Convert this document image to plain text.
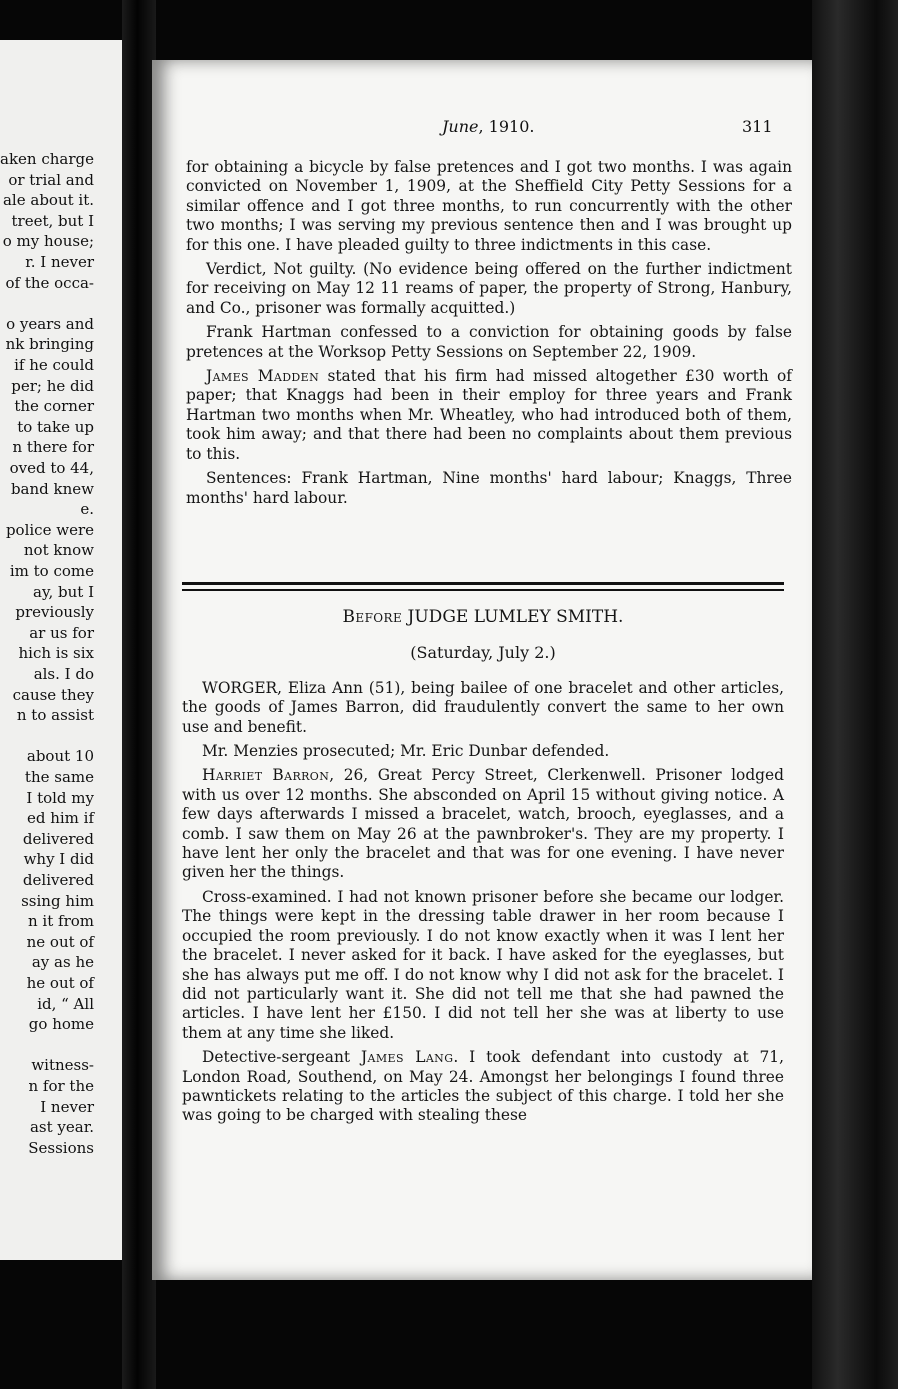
aken charge
or trial and
ale about it.
treet, but I
o my house;
r. I never
of the occa-
o years and
nk bringing
if he could
per; he did
the corner
to take up
n there for
oved to 44,
band knew
e.
police were
not know
im to come
ay, but I
previously
ar us for
hich is six
als. I do
cause they
n to assist
about 10
the same
I told my
ed him if
delivered
why I did
delivered
ssing him
n it from
ne out of
ay as he
he out of
id, “ All
go home
witness-
n for the
I never
ast year.
Sessions
June, 1910.	311

for obtaining a bicycle by false pretences and I got two months. I was again convicted on November 1, 1909, at the Sheffield City Petty Sessions for a similar offence and I got three months, to run concurrently with the other two months; I was serving my previous sentence then and I was brought up for this one. I have pleaded guilty to three indictments in this case.

Verdict, Not guilty. (No evidence being offered on the further indictment for receiving on May 12 11 reams of paper, the property of Strong, Hanbury, and Co., prisoner was formally acquitted.)

Frank Hartman confessed to a conviction for obtaining goods by false pretences at the Worksop Petty Sessions on September 22, 1909.

James Madden stated that his firm had missed altogether £30 worth of paper; that Knaggs had been in their employ for three years and Frank Hartman two months when Mr. Wheatley, who had introduced both of them, took him away; and that there had been no complaints about them previous to this.

Sentences: Frank Hartman, Nine months' hard labour; Knaggs, Three months' hard labour.

Before JUDGE LUMLEY SMITH.
(Saturday, July 2.)

WORGER, Eliza Ann (51), being bailee of one bracelet and other articles, the goods of James Barron, did fraudulently convert the same to her own use and benefit.

Mr. Menzies prosecuted; Mr. Eric Dunbar defended.

Harriet Barron, 26, Great Percy Street, Clerkenwell. Prisoner lodged with us over 12 months. She absconded on April 15 without giving notice. A few days afterwards I missed a bracelet, watch, brooch, eyeglasses, and a comb. I saw them on May 26 at the pawnbroker's. They are my property. I have lent her only the bracelet and that was for one evening. I have never given her the things.

Cross-examined. I had not known prisoner before she became our lodger. The things were kept in the dressing table drawer in her room because I occupied the room previously. I do not know exactly when it was I lent her the bracelet. I never asked for it back. I have asked for the eyeglasses, but she has always put me off. I do not know why I did not ask for the bracelet. I did not particularly want it. She did not tell me that she had pawned the articles. I have lent her £150. I did not tell her she was at liberty to use them at any time she liked.

Detective-sergeant James Lang. I took defendant into custody at 71, London Road, Southend, on May 24. Amongst her belongings I found three pawntickets relating to the articles the subject of this charge. I told her she was going to be charged with stealing these
